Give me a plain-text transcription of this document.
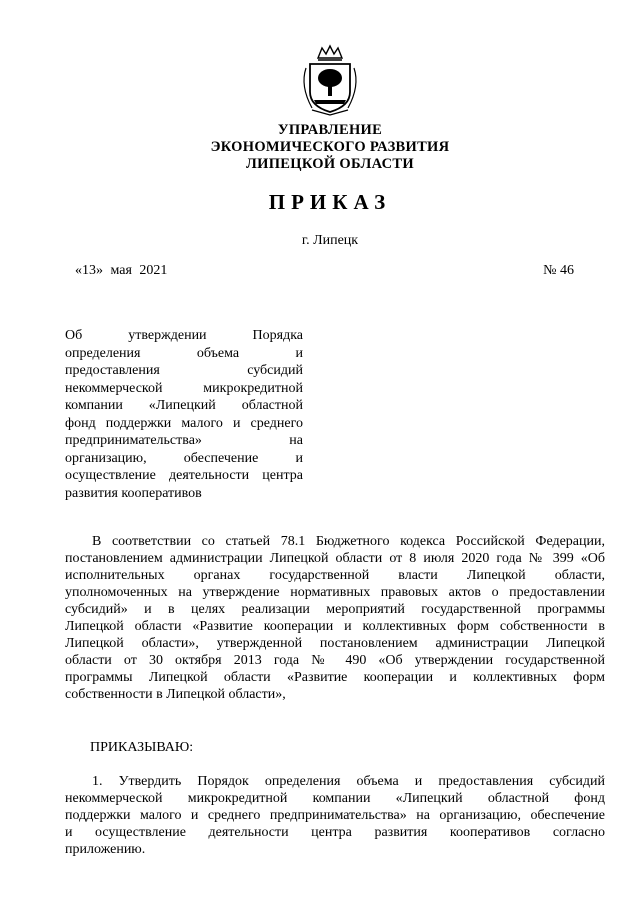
УПРАВЛЕНИЕ
ЭКОНОМИЧЕСКОГО РАЗВИТИЯ
ЛИПЕЦКОЙ ОБЛАСТИ
ПРИКАЗ
г. Липецк
«13» мая 2021	№ 46
Об утверждении Порядка
определения объема и
предоставления субсидий
некоммерческой микрокредитной
компании «Липецкий областной
фонд поддержки малого и среднего
предпринимательства» на
организацию, обеспечение и
осуществление деятельности центра
развития кооперативов
В соответствии со статьей 78.1 Бюджетного кодекса Российской Федерации,
постановлением администрации Липецкой области от 8 июля 2020 года № 399 «Об
исполнительных органах государственной власти Липецкой области,
уполномоченных на утверждение нормативных правовых актов о предоставлении
субсидий» и в целях реализации мероприятий государственной программы
Липецкой области «Развитие кооперации и коллективных форм собственности в
Липецкой области», утвержденной постановлением администрации Липецкой
области от 30 октября 2013 года № 490 «Об утверждении государственной
программы Липецкой области «Развитие кооперации и коллективных форм
собственности в Липецкой области»,
ПРИКАЗЫВАЮ:
1. Утвердить Порядок определения объема и предоставления субсидий
некоммерческой микрокредитной компании «Липецкий областной фонд
поддержки малого и среднего предпринимательства» на организацию, обеспечение
и осуществление деятельности центра развития кооперативов согласно
приложению.
